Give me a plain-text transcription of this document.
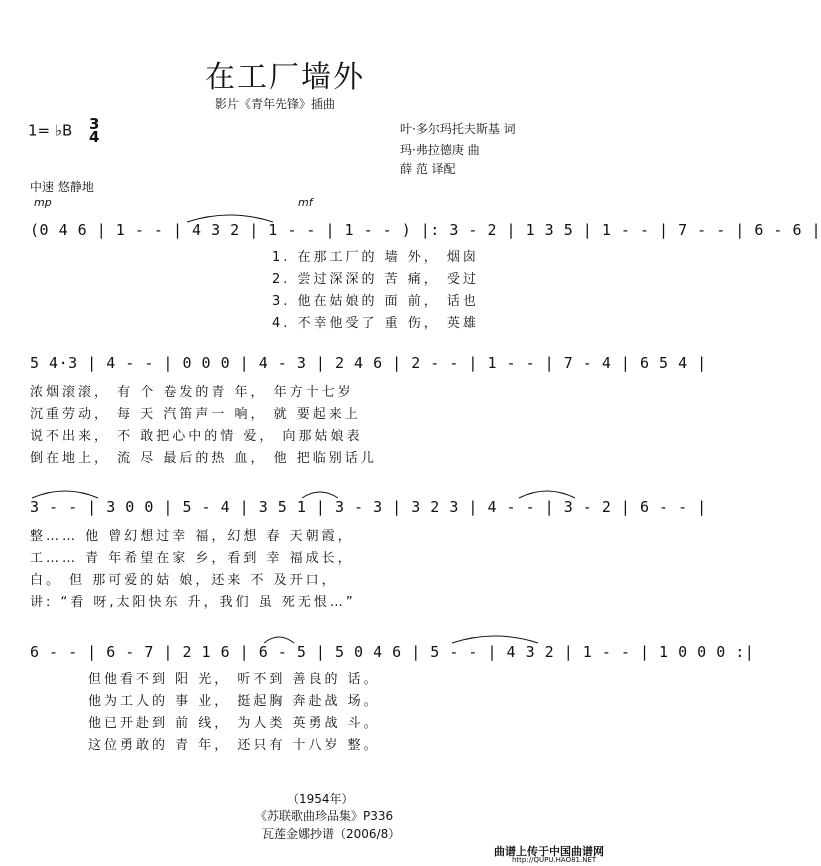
在工厂墙外
影片《青年先锋》插曲
1= ♭B 3
4	叶·多尔玛托夫斯基 词
玛·弗拉德庚 曲
薛 范 译配
中速 悠静地
mp	mf
(0 4 6 | 1 - - | 4 3 2 | 1 - - | 1 - - ) |: 3 - 2 | 1 3 5 | 1 - - | 7 - - | 6 - 6 |
1. 在那工厂的 墙 外， 烟囱
2. 尝过深深的 苦 痛， 受过
3. 他在姑娘的 面 前， 话也
4. 不幸他受了 重 伤， 英雄
5 4·3 | 4 - - | 0 0 0 | 4 - 3 | 2 4 6 | 2 - - | 1 - - | 7 - 4 | 6 5 4 |
浓烟滚滚， 有 个 卷发的青 年， 年方十七岁
沉重劳动， 每 天 汽笛声一 响， 就 要起来上
说不出来， 不 敢把心中的情 爱， 向那姑娘表
倒在地上， 流 尽 最后的热 血， 他 把临别话儿
3 - - | 3 0 0 | 5 - 4 | 3 5 1 | 3 - 3 | 3 2 3 | 4 - - | 3 - 2 | 6 - - |
整…… 他 曾幻想过幸 福，幻想 春 天朝霞，
工…… 青 年希望在家 乡，看到 幸 福成长，
白。 但 那可爱的姑 娘，还来 不 及开口，
讲: “看 呀,太阳快东 升，我们 虽 死无恨…”
6 - - | 6 - 7 | 2 1 6 | 6 - 5 | 5 0 4 6 | 5 - - | 4 3 2 | 1 - - | 1 0 0 0 :|
但他看不到 阳 光， 听不到 善良的 话。
他为工人的 事 业， 挺起胸 奔赴战 场。
他已开赴到 前 线， 为人类 英勇战 斗。
这位勇敢的 青 年， 还只有 十八岁 整。
（1954年）
《苏联歌曲珍品集》P336
瓦莲金娜抄谱（2006/8）
曲谱上传于中国曲谱网
http://QUPU.HAO81.NET
